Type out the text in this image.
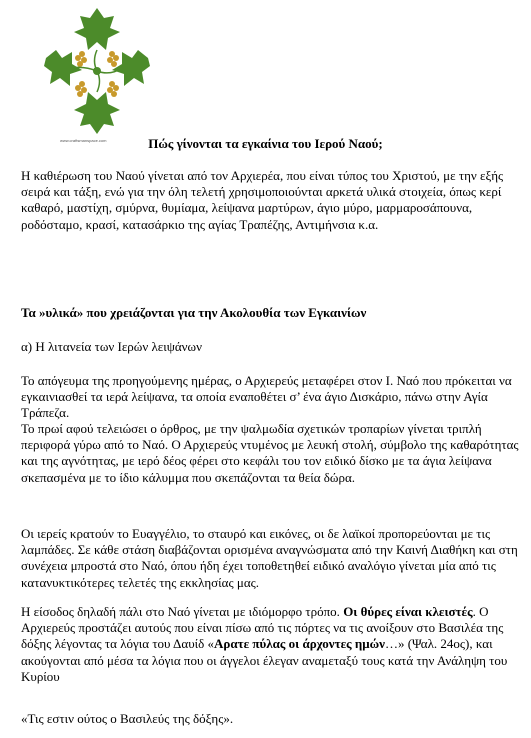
www.craftsmanspace.com	Πώς γίνονται τα εγκαίνια του Ιερού Ναού;

Η καθιέρωση του Ναού γίνεται από τον Αρχιερέα, που είναι τύπος του Χριστού, με την εξής σειρά και τάξη, ενώ για την όλη τελετή χρησιμοποιούνται αρκετά υλικά στοιχεία, όπως κερί καθαρό, μαστίχη, σμύρνα, θυμίαμα, λείψανα μαρτύρων, άγιο μύρο, μαρμαροσάπουνα, ροδόσταμο, κρασί, κατασάρκιο της αγίας Τραπέζης, Αντιμήνσια κ.α.

Τα »υλικά» που χρειάζονται για την Ακολουθία των Εγκαινίων

α) Η λιτανεία των Ιερών λειψάνων

Το απόγευμα της προηγούμενης ημέρας, ο Αρχιερεύς μεταφέρει στον Ι. Ναό που πρόκειται να εγκαινιασθεί τα ιερά λείψανα, τα οποία εναποθέτει σ’ ένα άγιο Δισκάριο, πάνω στην Αγία Τράπεζα.

Το πρωί αφού τελειώσει ο όρθρος, με την ψαλμωδία σχετικών τροπαρίων γίνεται τριπλή περιφορά γύρω από το Ναό. Ο Αρχιερεύς ντυμένος με λευκή στολή, σύμβολο της καθαρότητας και της αγνότητας, με ιερό δέος φέρει στο κεφάλι του τον ειδικό δίσκο με τα άγια λείψανα σκεπασμένα με το ίδιο κάλυμμα που σκεπάζονται τα θεία δώρα.

Οι ιερείς κρατούν το Ευαγγέλιο, το σταυρό και εικόνες, οι δε λαϊκοί προπορεύονται με τις λαμπάδες. Σε κάθε στάση διαβάζονται ορισμένα αναγνώσματα από την Καινή Διαθήκη και στη συνέχεια μπροστά στο Ναό, όπου ήδη έχει τοποθετηθεί ειδικό αναλόγιο γίνεται μία από τις κατανυκτικότερες τελετές της εκκλησίας μας.

Η είσοδος δηλαδή πάλι στο Ναό γίνεται με ιδιόμορφο τρόπο. Οι θύρες είναι κλειστές. Ο Αρχιερεύς προστάζει αυτούς που είναι πίσω από τις πόρτες να τις ανοίξουν στο Βασιλέα της δόξης λέγοντας τα λόγια του Δαυίδ «Αρατε πύλας οι άρχοντες ημών…» (Ψαλ. 24ος), και ακούγονται από μέσα τα λόγια που οι άγγελοι έλεγαν αναμεταξύ τους κατά την Ανάληψη του Κυρίου

«Τις εστιν ούτος ο Βασιλεύς της δόξης».
